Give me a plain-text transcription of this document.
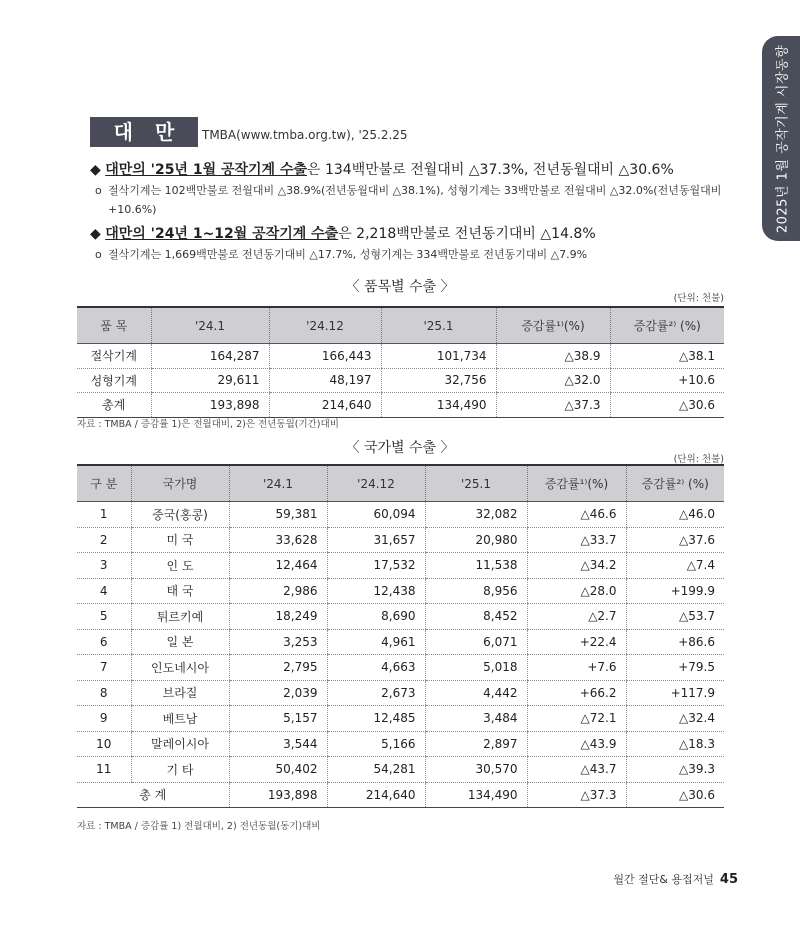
2025년 1월 공작기계 시장동향
대만 TMBA(www.tmba.org.tw), '25.2.25
◆ 대만의 '25년 1월 공작기계 수출은 134백만불로 전월대비 △37.3%, 전년동월대비 △30.6%
o 절삭기계는 102백만불로 전월대비 △38.9%(전년동월대비 △38.1%), 성형기계는 33백만불로 전월대비 △32.0%(전년동월대비 +10.6%)
◆ 대만의 '24년 1~12월 공작기계 수출은 2,218백만불로 전년동기대비 △14.8%
o 절삭기계는 1,669백만불로 전년동기대비 △17.7%, 성형기계는 334백만불로 전년동기대비 △7.9%
〈 품목별 수출 〉
(단위: 천불)
품 목	'24.1	'24.12	'25.1	증감률¹⁾(%)	증감률²⁾ (%)
절삭기계	164,287	166,443	101,734	△38.9	△38.1
성형기계	29,611	48,197	32,756	△32.0	+10.6
총계	193,898	214,640	134,490	△37.3	△30.6
자료 : TMBA / 증감률 1)은 전월대비, 2)은 전년동월(기간)대비
〈 국가별 수출 〉
(단위: 천불)
구 분	국가명	'24.1	'24.12	'25.1	증감률¹⁾(%)	증감률²⁾ (%)
1	중국(홍콩)	59,381	60,094	32,082	△46.6	△46.0
2	미 국	33,628	31,657	20,980	△33.7	△37.6
3	인 도	12,464	17,532	11,538	△34.2	△7.4
4	태 국	2,986	12,438	8,956	△28.0	+199.9
5	튀르키예	18,249	8,690	8,452	△2.7	△53.7
6	일 본	3,253	4,961	6,071	+22.4	+86.6
7	인도네시아	2,795	4,663	5,018	+7.6	+79.5
8	브라질	2,039	2,673	4,442	+66.2	+117.9
9	베트남	5,157	12,485	3,484	△72.1	△32.4
10	말레이시아	3,544	5,166	2,897	△43.9	△18.3
11	기 타	50,402	54,281	30,570	△43.7	△39.3
총 계		193,898	214,640	134,490	△37.3	△30.6
자료 : TMBA / 증감률 1) 전월대비, 2) 전년동월(동기)대비
월간 절단& 용접저널 45
